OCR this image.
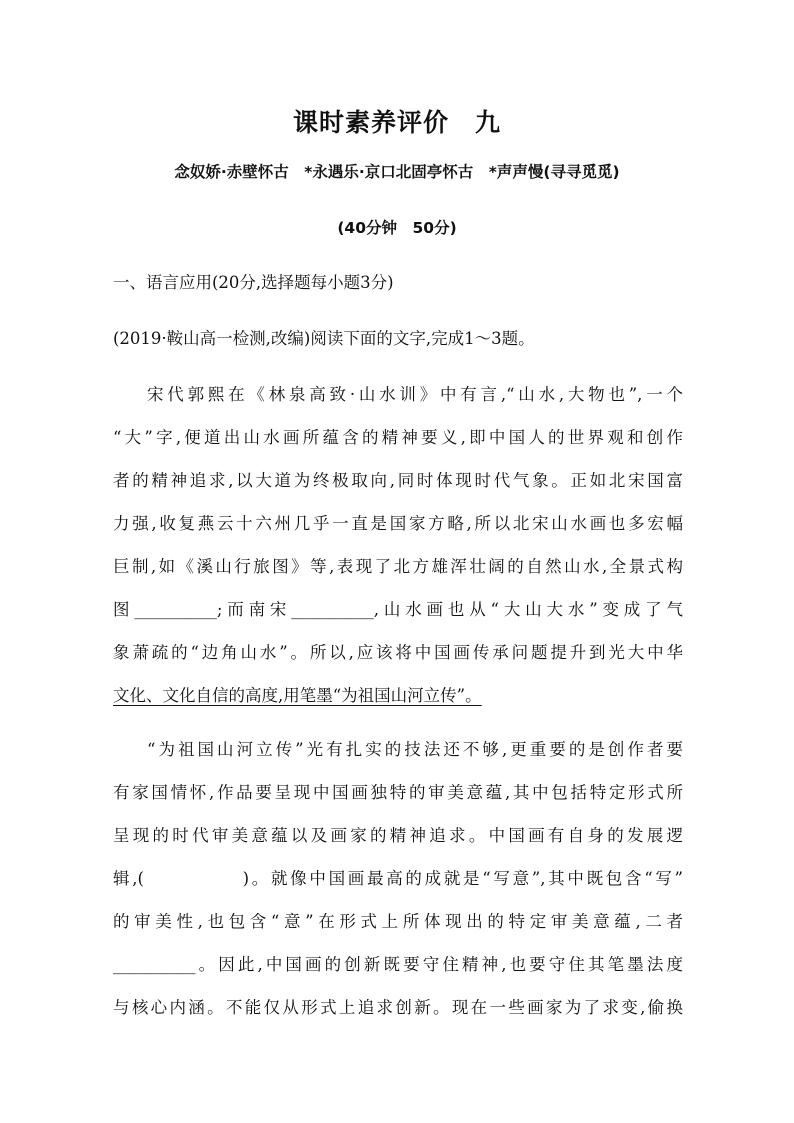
课时素养评价　九
念奴娇·赤壁怀古　*永遇乐·京口北固亭怀古　*声声慢(寻寻觅觅)
(40分钟　50分)
一、语言应用(20分,选择题每小题3分)
(2019·鞍山高一检测,改编)阅读下面的文字,完成1～3题。
宋代郭熙在《林泉高致·山水训》中有言,“山水,大物也”,一个
“大”字,便道出山水画所蕴含的精神要义,即中国人的世界观和创作
者的精神追求,以大道为终极取向,同时体现时代气象。正如北宋国富
力强,收复燕云十六州几乎一直是国家方略,所以北宋山水画也多宏幅
巨制,如《溪山行旅图》等,表现了北方雄浑壮阔的自然山水,全景式构
图__________;而南宋__________,山水画也从“大山大水”变成了气
象萧疏的“边角山水”。所以,应该将中国画传承问题提升到光大中华
文化、文化自信的高度,用笔墨“为祖国山河立传”。
“为祖国山河立传”光有扎实的技法还不够,更重要的是创作者要
有家国情怀,作品要呈现中国画独特的审美意蕴,其中包括特定形式所
呈现的时代审美意蕴以及画家的精神追求。中国画有自身的发展逻
辑,(　　　　　)。就像中国画最高的成就是“写意”,其中既包含“写”
的审美性,也包含“意”在形式上所体现出的特定审美意蕴,二者
__________。因此,中国画的创新既要守住精神,也要守住其笔墨法度
与核心内涵。不能仅从形式上追求创新。现在一些画家为了求变,偷换
